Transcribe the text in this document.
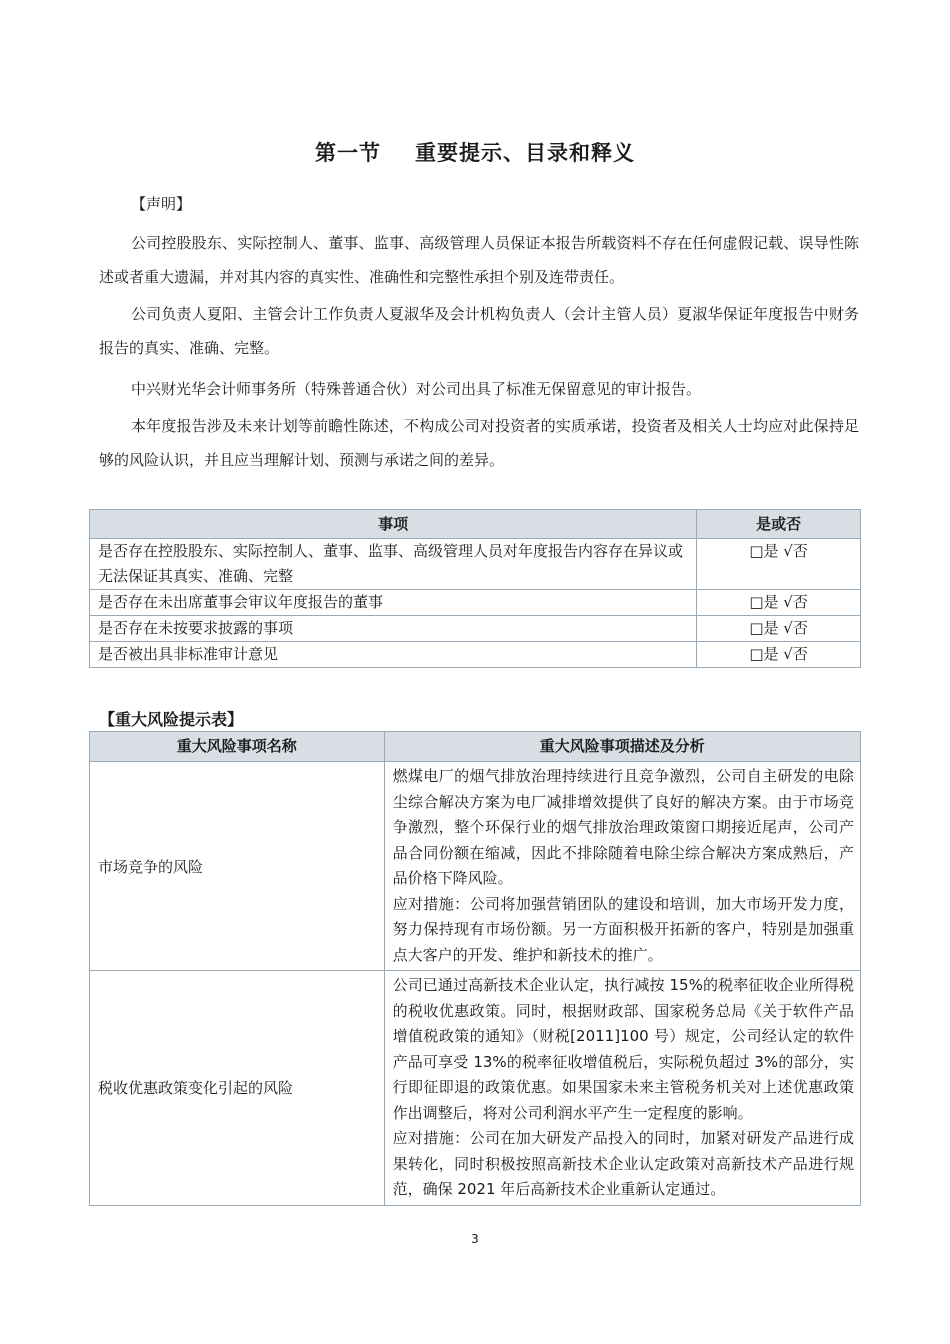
第一节 重要提示、目录和释义
【声明】

公司控股股东、实际控制人、董事、监事、高级管理人员保证本报告所载资料不存在任何虚假记载、误导性陈述或者重大遗漏，并对其内容的真实性、准确性和完整性承担个别及连带责任。

公司负责人夏阳、主管会计工作负责人夏淑华及会计机构负责人（会计主管人员）夏淑华保证年度报告中财务报告的真实、准确、完整。

中兴财光华会计师事务所（特殊普通合伙）对公司出具了标准无保留意见的审计报告。

本年度报告涉及未来计划等前瞻性陈述，不构成公司对投资者的实质承诺，投资者及相关人士均应对此保持足够的风险认识，并且应当理解计划、预测与承诺之间的差异。

事项	是或否
是否存在控股股东、实际控制人、董事、监事、高级管理人员对年度报告内容存在异议或无法保证其真实、准确、完整	□是 √否
是否存在未出席董事会审议年度报告的董事	□是 √否
是否存在未按要求披露的事项	□是 √否
是否被出具非标准审计意见	□是 √否
【重大风险提示表】
重大风险事项名称	重大风险事项描述及分析
市场竞争的风险	燃煤电厂的烟气排放治理持续进行且竞争激烈，公司自主研发的电除尘综合解决方案为电厂减排增效提供了良好的解决方案。由于市场竞争激烈，整个环保行业的烟气排放治理政策窗口期接近尾声，公司产品合同份额在缩减，因此不排除随着电除尘综合解决方案成熟后，产品价格下降风险。
应对措施：公司将加强营销团队的建设和培训，加大市场开发力度，努力保持现有市场份额。另一方面积极开拓新的客户，特别是加强重点大客户的开发、维护和新技术的推广。

税收优惠政策变化引起的风险	公司已通过高新技术企业认定，执行减按 15%的税率征收企业所得税的税收优惠政策。同时，根据财政部、国家税务总局《关于软件产品增值税政策的通知》（财税[2011]100 号）规定，公司经认定的软件产品可享受 13%的税率征收增值税后，实际税负超过 3%的部分，实行即征即退的政策优惠。如果国家未来主管税务机关对上述优惠政策作出调整后，将对公司利润水平产生一定程度的影响。
应对措施：公司在加大研发产品投入的同时，加紧对研发产品进行成果转化，同时积极按照高新技术企业认定政策对高新技术产品进行规范，确保 2021 年后高新技术企业重新认定通过。
3
